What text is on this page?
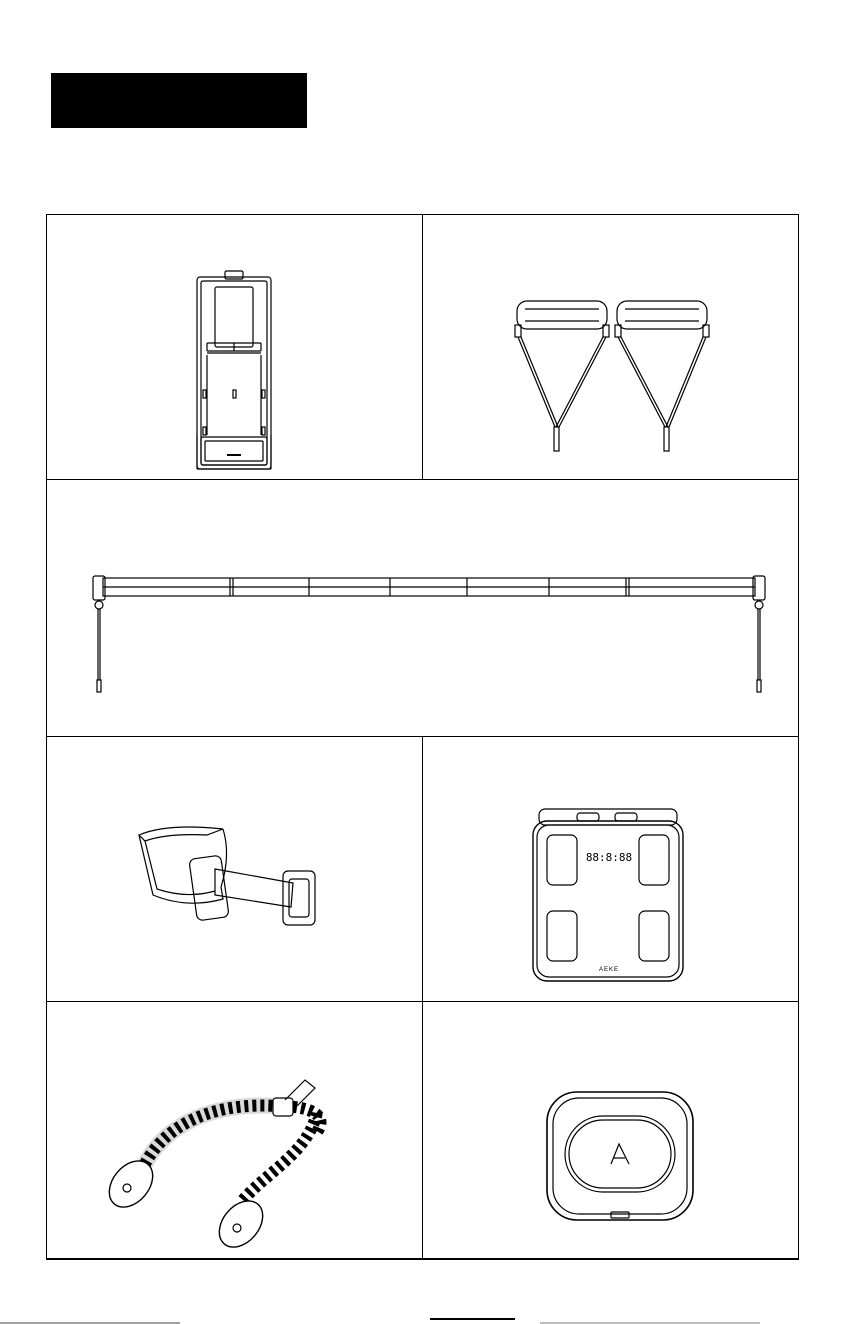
88:8:88
AEKE
